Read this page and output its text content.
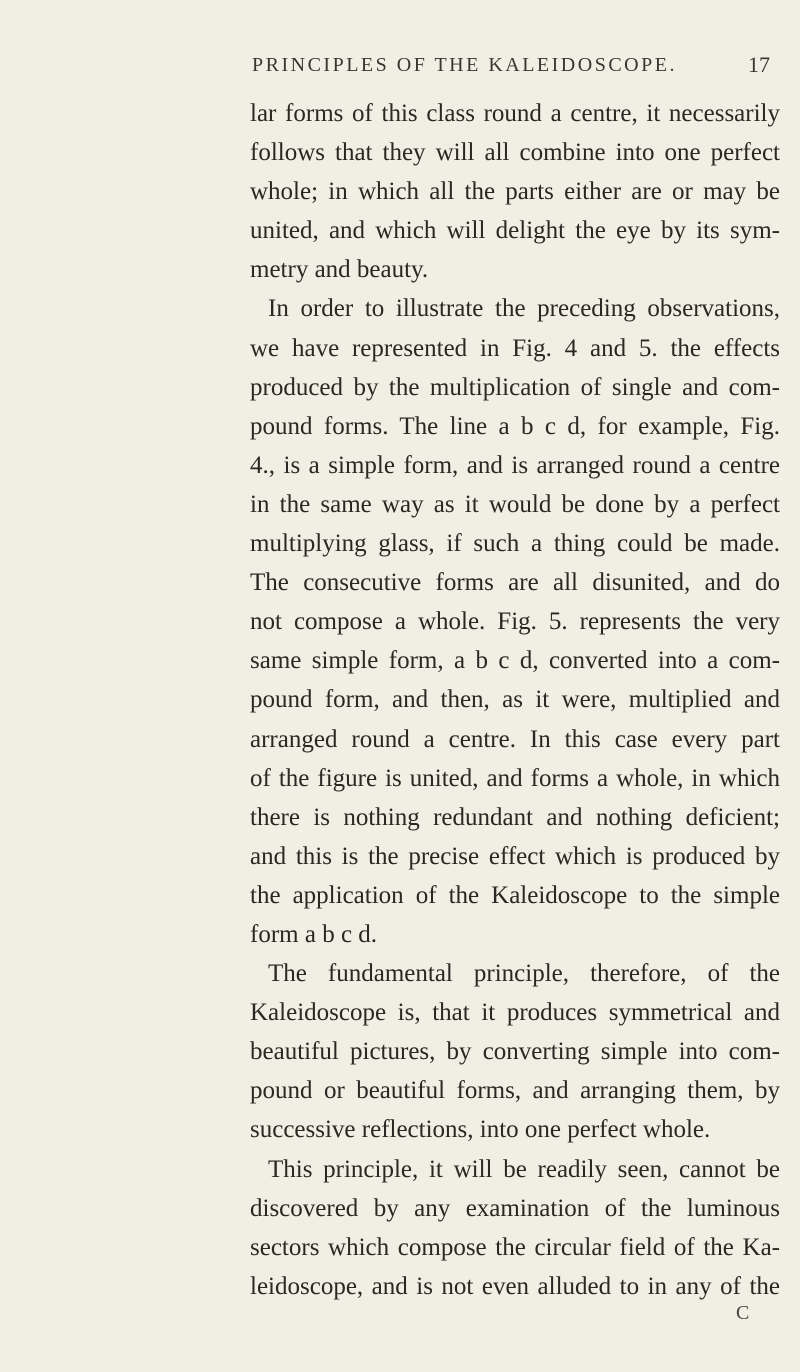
PRINCIPLES OF THE KALEIDOSCOPE.	17
lar forms of this class round a centre, it necessarily
follows that they will all combine into one perfect
whole; in which all the parts either are or may be
united, and which will delight the eye by its sym-
metry and beauty.
In order to illustrate the preceding observations,
we have represented in Fig. 4 and 5. the effects
produced by the multiplication of single and com-
pound forms. The line a b c d, for example, Fig.
4., is a simple form, and is arranged round a centre
in the same way as it would be done by a perfect
multiplying glass, if such a thing could be made.
The consecutive forms are all disunited, and do
not compose a whole. Fig. 5. represents the very
same simple form, a b c d, converted into a com-
pound form, and then, as it were, multiplied and
arranged round a centre. In this case every part
of the figure is united, and forms a whole, in which
there is nothing redundant and nothing deficient;
and this is the precise effect which is produced by
the application of the Kaleidoscope to the simple
form a b c d.
The fundamental principle, therefore, of the
Kaleidoscope is, that it produces symmetrical and
beautiful pictures, by converting simple into com-
pound or beautiful forms, and arranging them, by
successive reflections, into one perfect whole.
This principle, it will be readily seen, cannot be
discovered by any examination of the luminous
sectors which compose the circular field of the Ka-
leidoscope, and is not even alluded to in any of the
C
